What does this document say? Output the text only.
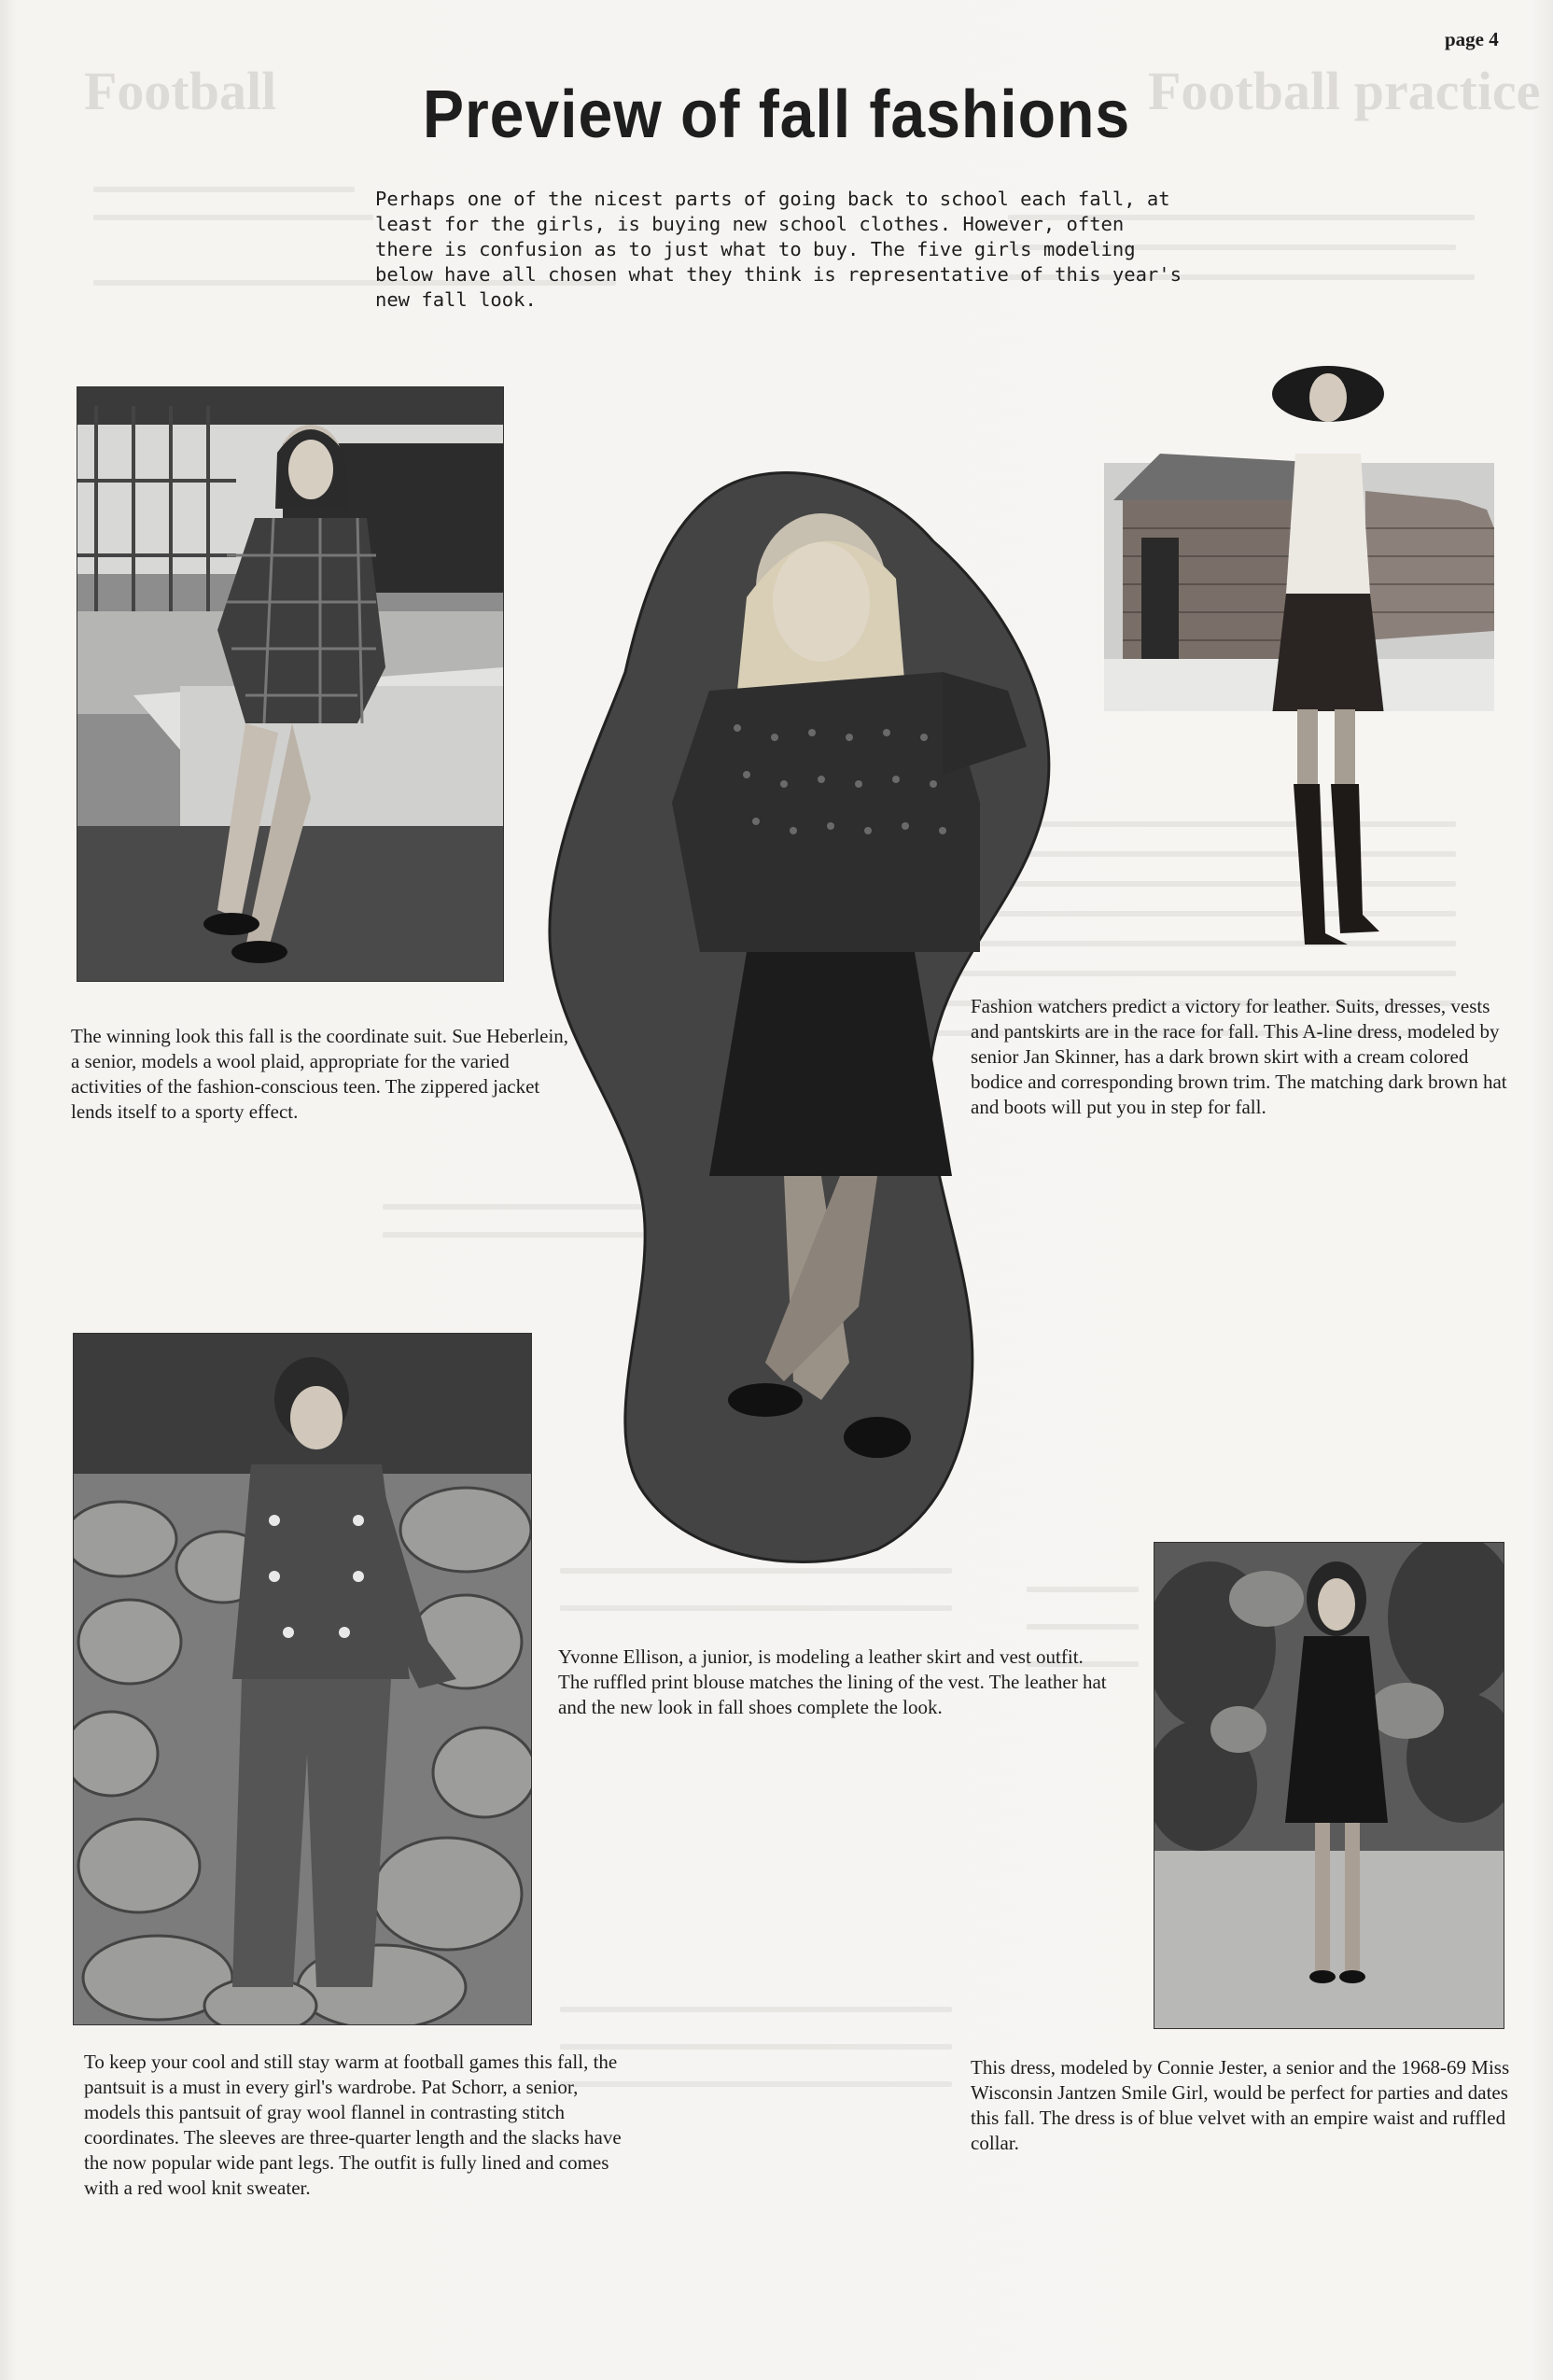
Football	Football practice
page 4
Preview of fall fashions
Perhaps one of the nicest parts of going back to school each fall, at least for the girls, is buying new school clothes. However, often there is confusion as to just what to buy. The five girls modeling below have all chosen what they think is representative of this year's new fall look.
The winning look this fall is the coordinate suit. Sue Heberlein, a senior, models a wool plaid, appropriate for the varied activities of the fashion-conscious teen. The zippered jacket lends itself to a sporty effect.
Fashion watchers predict a victory for leather. Suits, dresses, vests and pantskirts are in the race for fall. This A-line dress, modeled by senior Jan Skinner, has a dark brown skirt with a cream colored bodice and corresponding brown trim. The matching dark brown hat and boots will put you in step for fall.
Yvonne Ellison, a junior, is modeling a leather skirt and vest outfit. The ruffled print blouse matches the lining of the vest. The leather hat and the new look in fall shoes complete the look.
To keep your cool and still stay warm at football games this fall, the pantsuit is a must in every girl's wardrobe. Pat Schorr, a senior, models this pantsuit of gray wool flannel in contrasting stitch coordinates. The sleeves are three-quarter length and the slacks have the now popular wide pant legs. The outfit is fully lined and comes with a red wool knit sweater.
This dress, modeled by Connie Jester, a senior and the 1968-69 Miss Wisconsin Jantzen Smile Girl, would be perfect for parties and dates this fall. The dress is of blue velvet with an empire waist and ruffled collar.
